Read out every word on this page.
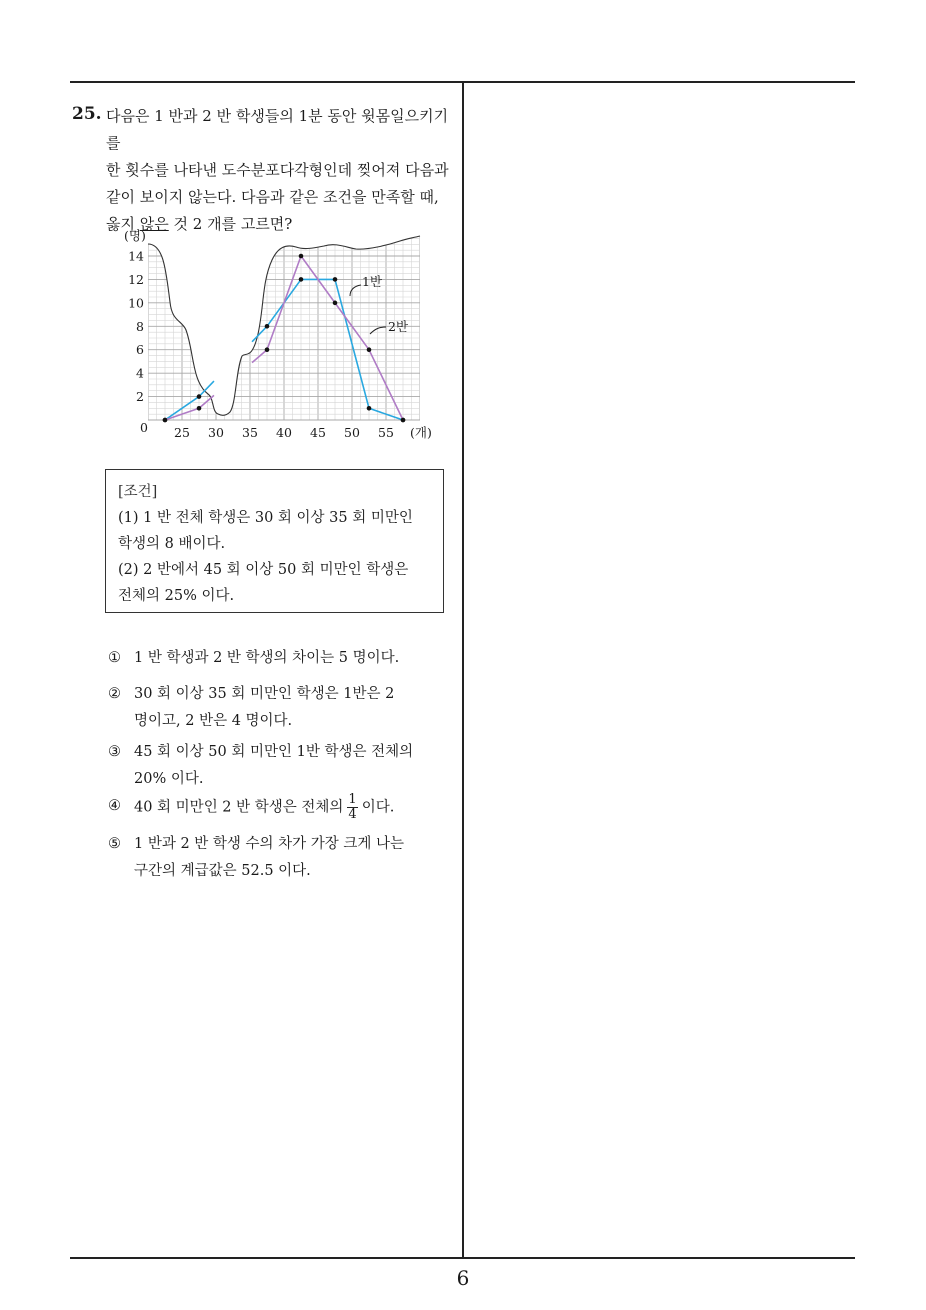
6
25. 다음은 1 반과 2 반 학생들의 1분 동안 윗몸일으키기를

한 횟수를 나타낸 도수분포다각형인데 찢어져 다음과

같이 보이지 않는다. 다음과 같은 조건을 만족할 때,

옳지 않은 것 2 개를 고르면?

25 30 35 40 45 50 55
2
4
6
8
10
12
14
(명)
(개)
0
1반
2반
[조건]
(1) 1 반 전체 학생은 30 회 이상 35 회 미만인
학생의 8 배이다.
(2) 2 반에서 45 회 이상 50 회 미만인 학생은
전체의 25% 이다.
① 1 반 학생과 2 반 학생의 차이는 5 명이다.
② 30 회 이상 35 회 미만인 학생은 1반은 2
명이고, 2 반은 4 명이다.
③ 45 회 이상 50 회 미만인 1반 학생은 전체의
20% 이다.
④ 40 회 미만인 2 반 학생은 전체의 $\frac{1}{4}$ 이다.
⑤ 1 반과 2 반 학생 수의 차가 가장 크게 나는
구간의 계급값은 52.5 이다.
